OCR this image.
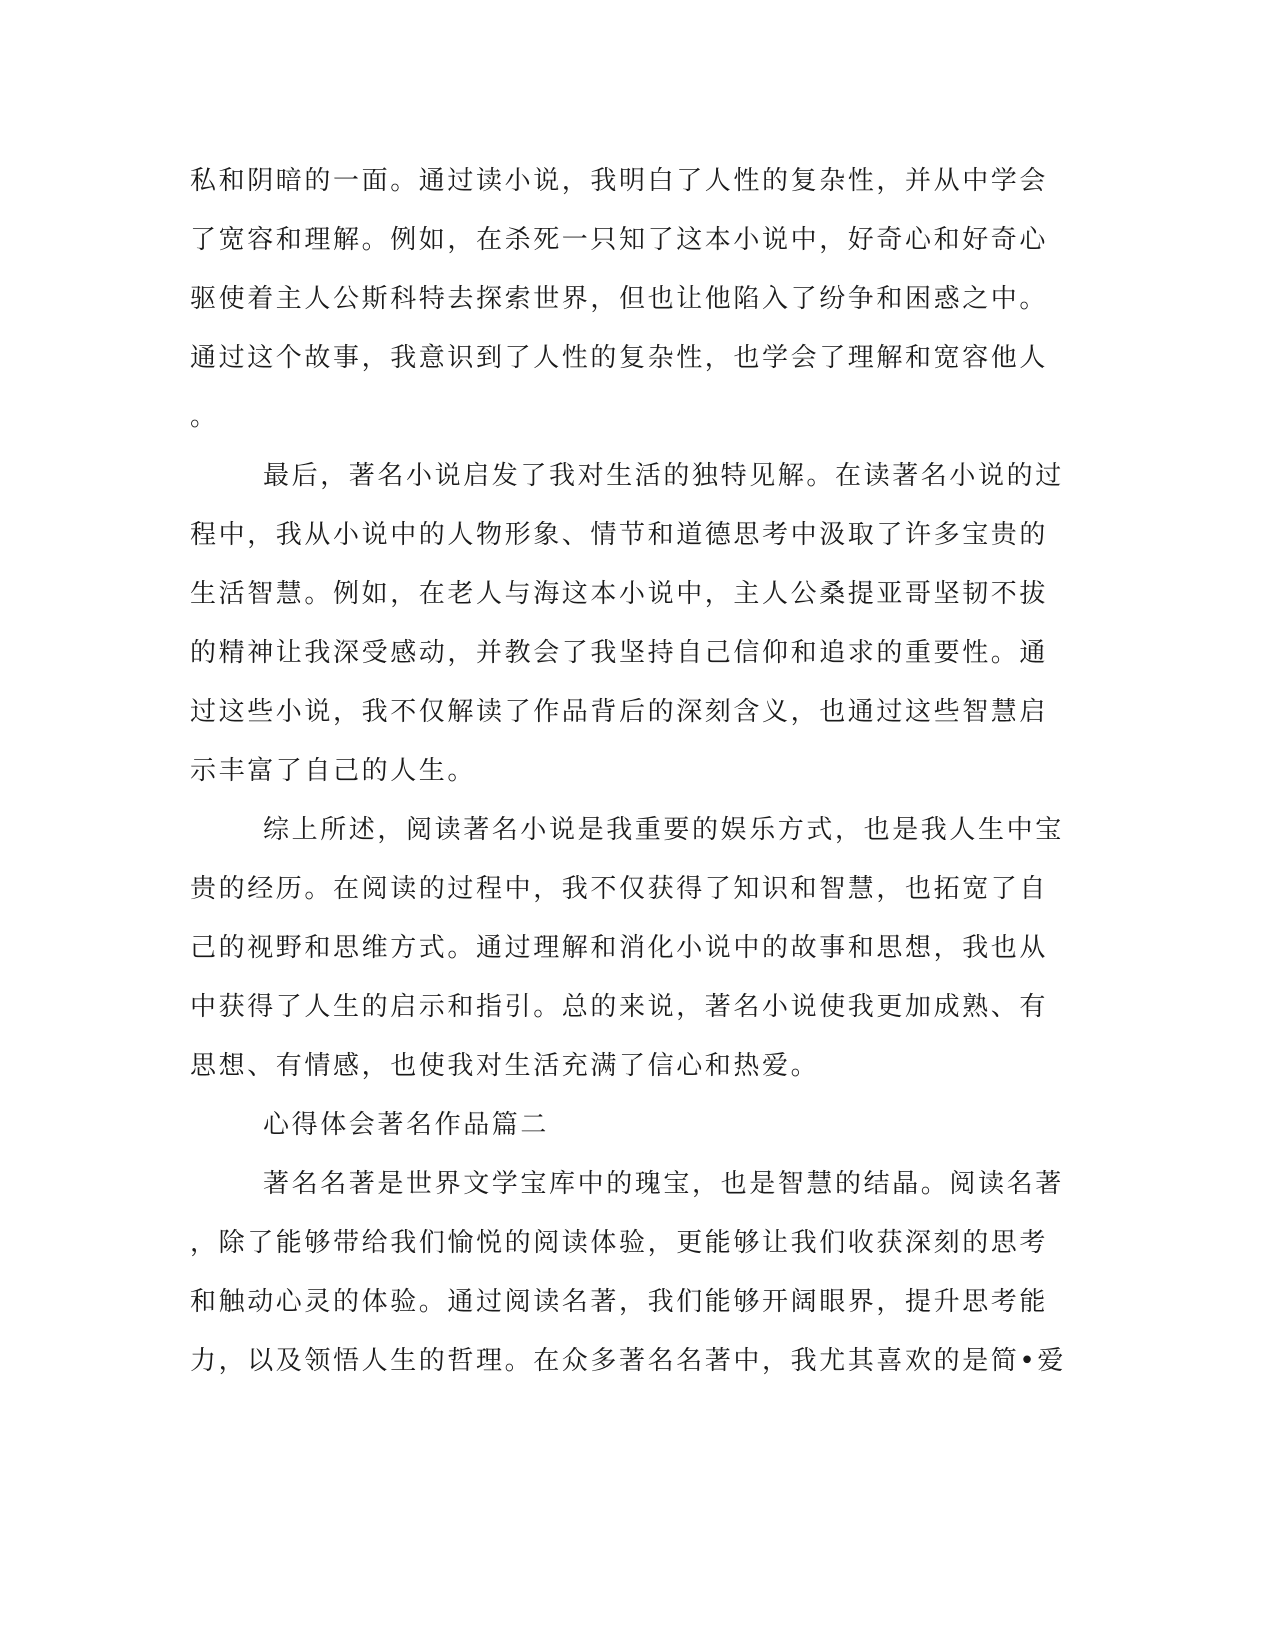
私和阴暗的一面。通过读小说，我明白了人性的复杂性，并从中学会
了宽容和理解。例如，在杀死一只知了这本小说中，好奇心和好奇心
驱使着主人公斯科特去探索世界，但也让他陷入了纷争和困惑之中。
通过这个故事，我意识到了人性的复杂性，也学会了理解和宽容他人
。
最后，著名小说启发了我对生活的独特见解。在读著名小说的过
程中，我从小说中的人物形象、情节和道德思考中汲取了许多宝贵的
生活智慧。例如，在老人与海这本小说中，主人公桑提亚哥坚韧不拔
的精神让我深受感动，并教会了我坚持自己信仰和追求的重要性。通
过这些小说，我不仅解读了作品背后的深刻含义，也通过这些智慧启
示丰富了自己的人生。
综上所述，阅读著名小说是我重要的娱乐方式，也是我人生中宝
贵的经历。在阅读的过程中，我不仅获得了知识和智慧，也拓宽了自
己的视野和思维方式。通过理解和消化小说中的故事和思想，我也从
中获得了人生的启示和指引。总的来说，著名小说使我更加成熟、有
思想、有情感，也使我对生活充满了信心和热爱。
心得体会著名作品篇二
著名名著是世界文学宝库中的瑰宝，也是智慧的结晶。阅读名著
，除了能够带给我们愉悦的阅读体验，更能够让我们收获深刻的思考
和触动心灵的体验。通过阅读名著，我们能够开阔眼界，提升思考能
力，以及领悟人生的哲理。在众多著名名著中，我尤其喜欢的是简•爱
